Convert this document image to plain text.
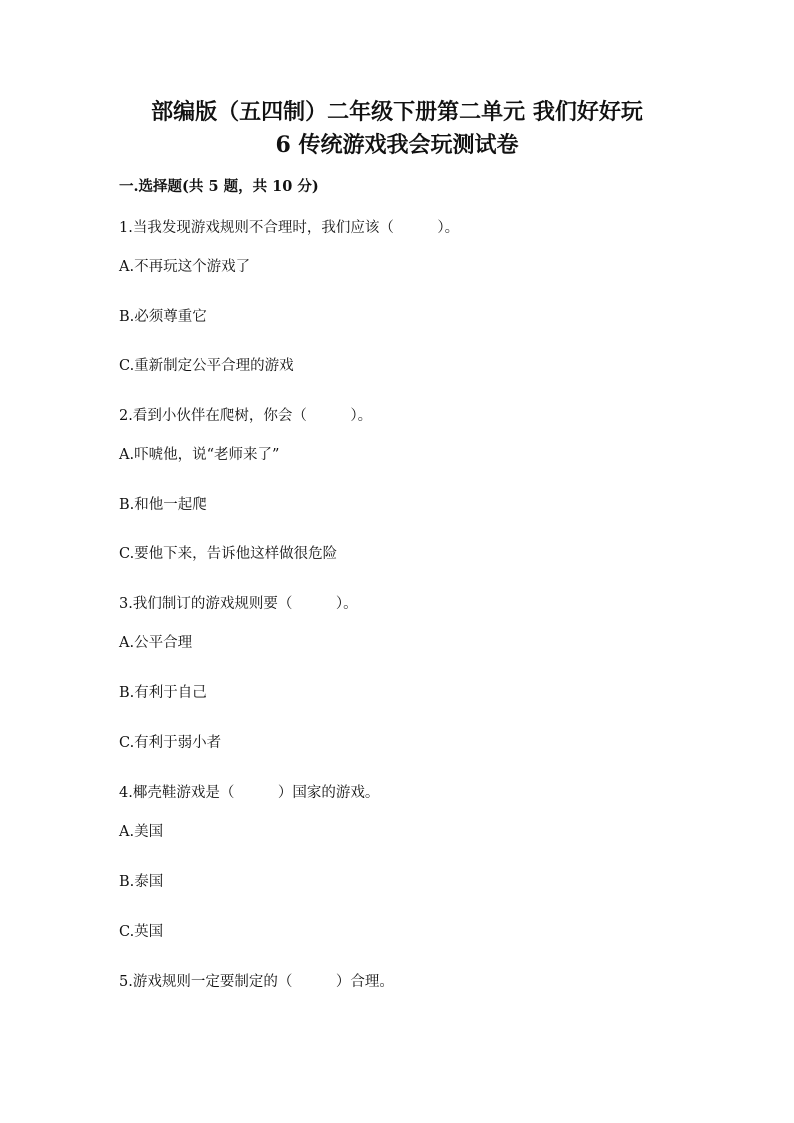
部编版（五四制）二年级下册第二单元 我们好好玩
6 传统游戏我会玩测试卷
一.选择题(共 5 题，共 10 分)
1.当我发现游戏规则不合理时，我们应该（　　　）。
A.不再玩这个游戏了
B.必须尊重它
C.重新制定公平合理的游戏
2.看到小伙伴在爬树，你会（　　　）。
A.吓唬他，说“老师来了”
B.和他一起爬
C.要他下来，告诉他这样做很危险
3.我们制订的游戏规则要（　　　）。
A.公平合理
B.有利于自己
C.有利于弱小者
4.椰壳鞋游戏是（　　　）国家的游戏。
A.美国
B.泰国
C.英国
5.游戏规则一定要制定的（　　　）合理。
